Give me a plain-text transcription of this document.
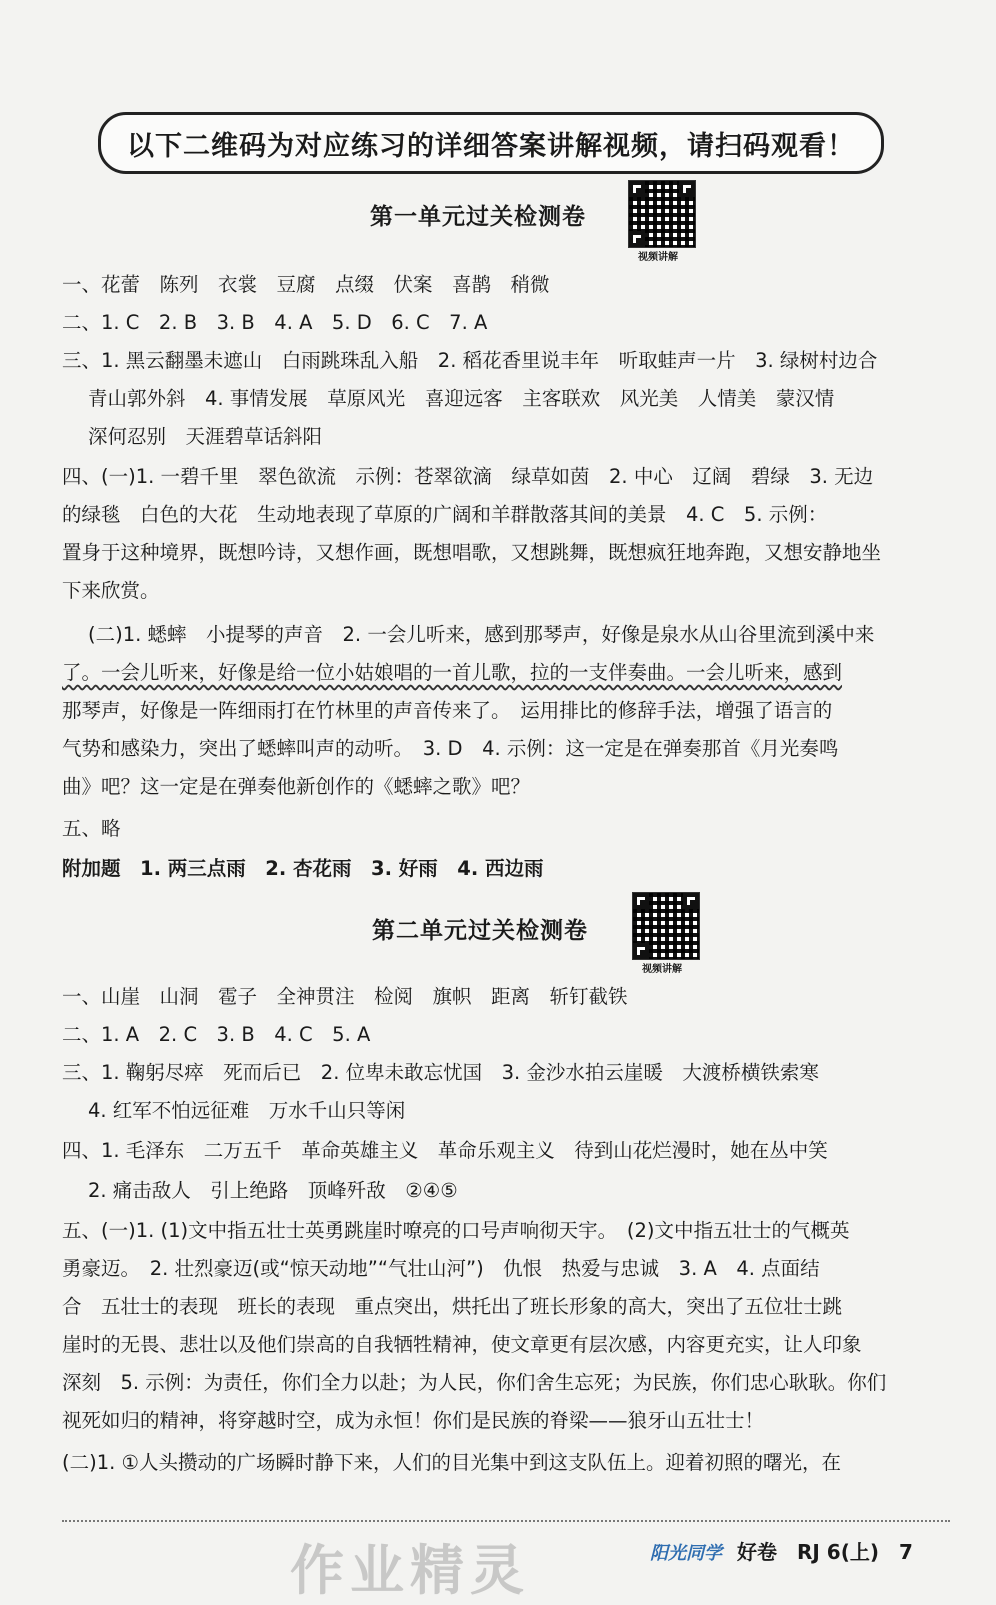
以下二维码为对应练习的详细答案讲解视频，请扫码观看！
第一单元过关检测卷
视频讲解
一、花蕾　陈列　衣裳　豆腐　点缀　伏案　喜鹊　稍微
二、1. C　2. B　3. B　4. A　5. D　6. C　7. A
三、1. 黑云翻墨未遮山　白雨跳珠乱入船　2. 稻花香里说丰年　听取蛙声一片　3. 绿树村边合
青山郭外斜　4. 事情发展　草原风光　喜迎远客　主客联欢　风光美　人情美　蒙汉情
深何忍别　天涯碧草话斜阳
四、(一)1. 一碧千里　翠色欲流　示例：苍翠欲滴　绿草如茵　2. 中心　辽阔　碧绿　3. 无边
的绿毯　白色的大花　生动地表现了草原的广阔和羊群散落其间的美景　4. C　5. 示例：
置身于这种境界，既想吟诗，又想作画，既想唱歌，又想跳舞，既想疯狂地奔跑，又想安静地坐
下来欣赏。
(二)1. 蟋蟀　小提琴的声音　2. 一会儿听来，感到那琴声，好像是泉水从山谷里流到溪中来
了。一会儿听来，好像是给一位小姑娘唱的一首儿歌，拉的一支伴奏曲。一会儿听来，感到
那琴声，好像是一阵细雨打在竹林里的声音传来了。　运用排比的修辞手法，增强了语言的
气势和感染力，突出了蟋蟀叫声的动听。　3. D　4. 示例：这一定是在弹奏那首《月光奏鸣
曲》吧？这一定是在弹奏他新创作的《蟋蟀之歌》吧？
五、略
附加题　1. 两三点雨　2. 杏花雨　3. 好雨　4. 西边雨
第二单元过关检测卷
视频讲解
一、山崖　山洞　雹子　全神贯注　检阅　旗帜　距离　斩钉截铁
二、1. A　2. C　3. B　4. C　5. A
三、1. 鞠躬尽瘁　死而后已　2. 位卑未敢忘忧国　3. 金沙水拍云崖暖　大渡桥横铁索寒
4. 红军不怕远征难　万水千山只等闲
四、1. 毛泽东　二万五千　革命英雄主义　革命乐观主义　待到山花烂漫时，她在丛中笑
2. 痛击敌人　引上绝路　顶峰歼敌　②④⑤
五、(一)1. (1)文中指五壮士英勇跳崖时嘹亮的口号声响彻天宇。　(2)文中指五壮士的气概英
勇豪迈。　2. 壮烈豪迈(或“惊天动地”“气壮山河”)　仇恨　热爱与忠诚　3. A　4. 点面结
合　五壮士的表现　班长的表现　重点突出，烘托出了班长形象的高大，突出了五位壮士跳
崖时的无畏、悲壮以及他们崇高的自我牺牲精神，使文章更有层次感，内容更充实，让人印象
深刻　5. 示例：为责任，你们全力以赴；为人民，你们舍生忘死；为民族，你们忠心耿耿。你们
视死如归的精神，将穿越时空，成为永恒！你们是民族的脊梁——狼牙山五壮士！
(二)1. ①人头攒动的广场瞬时静下来，人们的目光集中到这支队伍上。迎着初照的曙光，在
作业精灵	阳光同学 好卷　RJ 6(上)　7
